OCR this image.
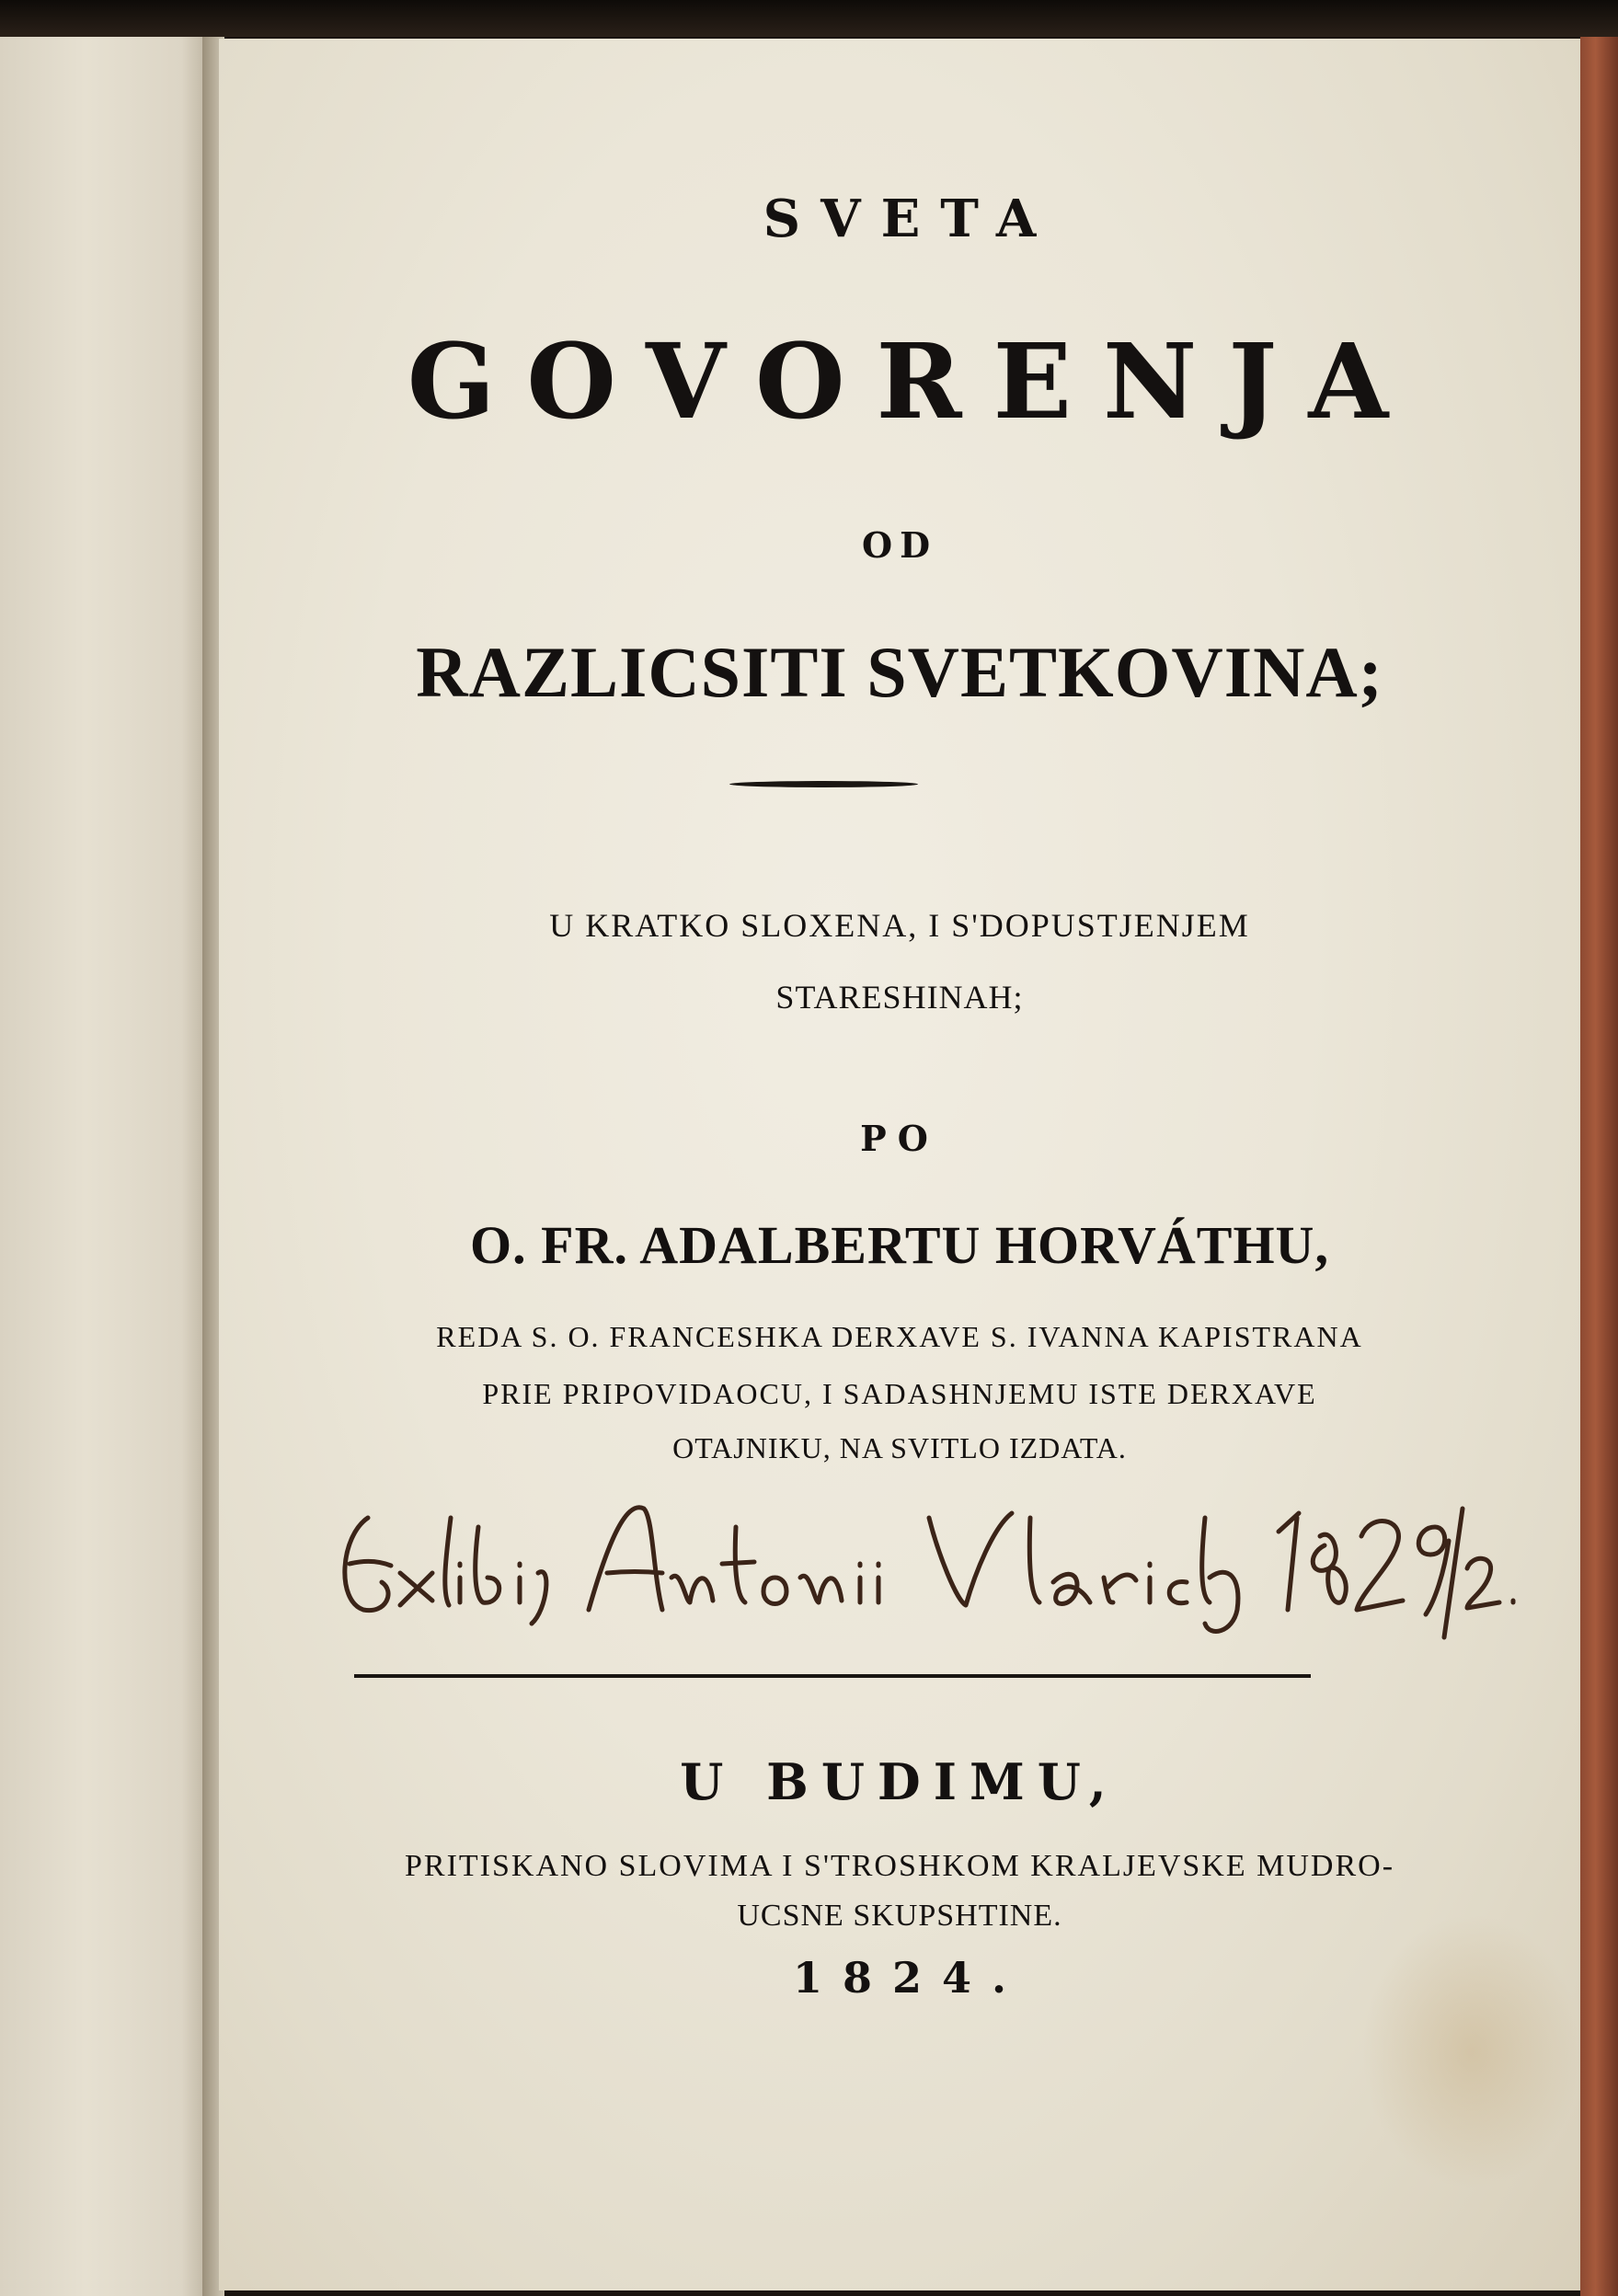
SVETA

GOVORENJA

OD

RAZLICSITI SVETKOVINA;

U KRATKO SLOXENA, I S'DOPUSTJENJEM

STARESHINAH;

PO

O. FR. ADALBERTU HORVÁTHU,

REDA S. O. FRANCESHKA DERXAVE S. IVANNA KAPISTRANA

PRIE PRIPOVIDAOCU, I SADASHNJEMU ISTE DERXAVE

OTAJNIKU, NA SVITLO IZDATA.

U BUDIMU,

PRITISKANO SLOVIMA I S'TROSHKOM KRALJEVSKE MUDRO-

UCSNE SKUPSHTINE.

1824.
